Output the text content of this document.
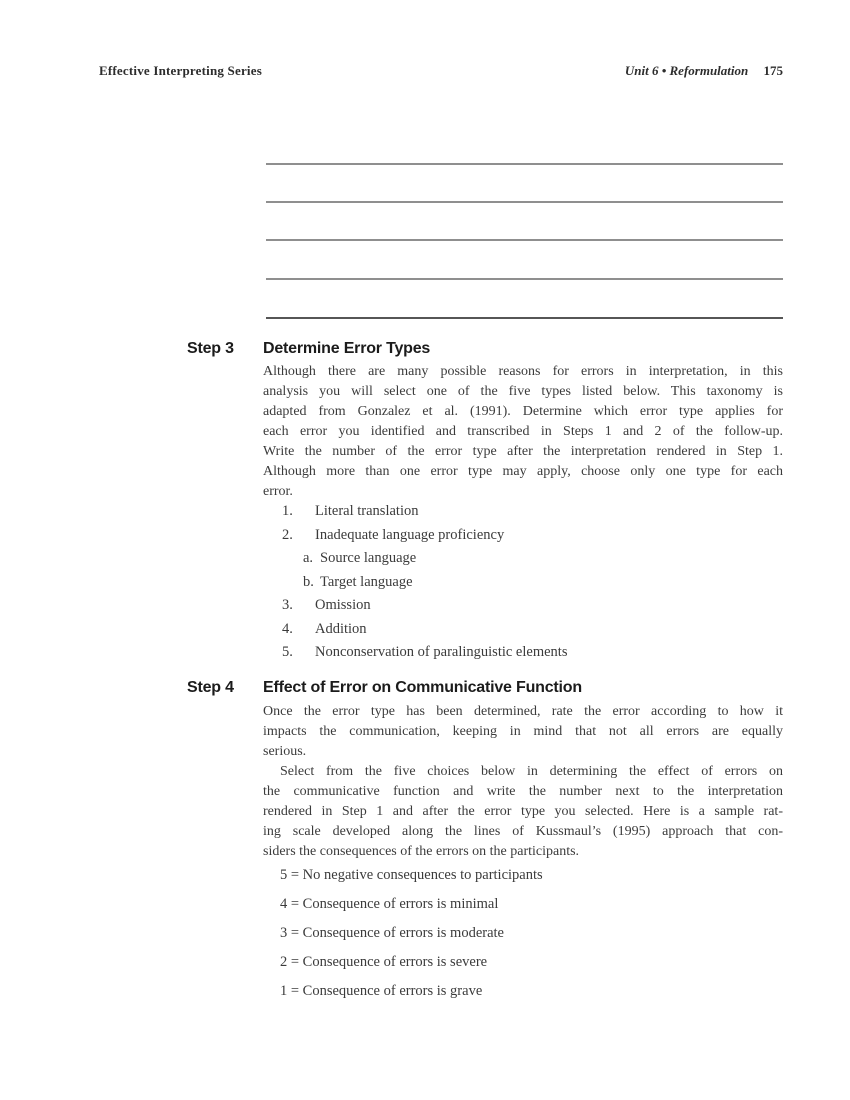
Effective Interpreting Series	Unit 6 • Reformulation 175
Step 3 Determine Error Types
Although there are many possible reasons for errors in interpretation, in this
analysis you will select one of the five types listed below. This taxonomy is
adapted from Gonzalez et al. (1991). Determine which error type applies for
each error you identified and transcribed in Steps 1 and 2 of the follow-up.
Write the number of the error type after the interpretation rendered in Step 1.
Although more than one error type may apply, choose only one type for each
error.
1.	Literal translation
2.	Inadequate language proficiency
a. Source language
b. Target language
3.	Omission
4.	Addition
5.	Nonconservation of paralinguistic elements
Step 4 Effect of Error on Communicative Function
Once the error type has been determined, rate the error according to how it
impacts the communication, keeping in mind that not all errors are equally
serious.
Select from the five choices below in determining the effect of errors on
the communicative function and write the number next to the interpretation
rendered in Step 1 and after the error type you selected. Here is a sample rat-
ing scale developed along the lines of Kussmaul’s (1995) approach that con-
siders the consequences of the errors on the participants.
5 = No negative consequences to participants
4 = Consequence of errors is minimal
3 = Consequence of errors is moderate
2 = Consequence of errors is severe
1 = Consequence of errors is grave
